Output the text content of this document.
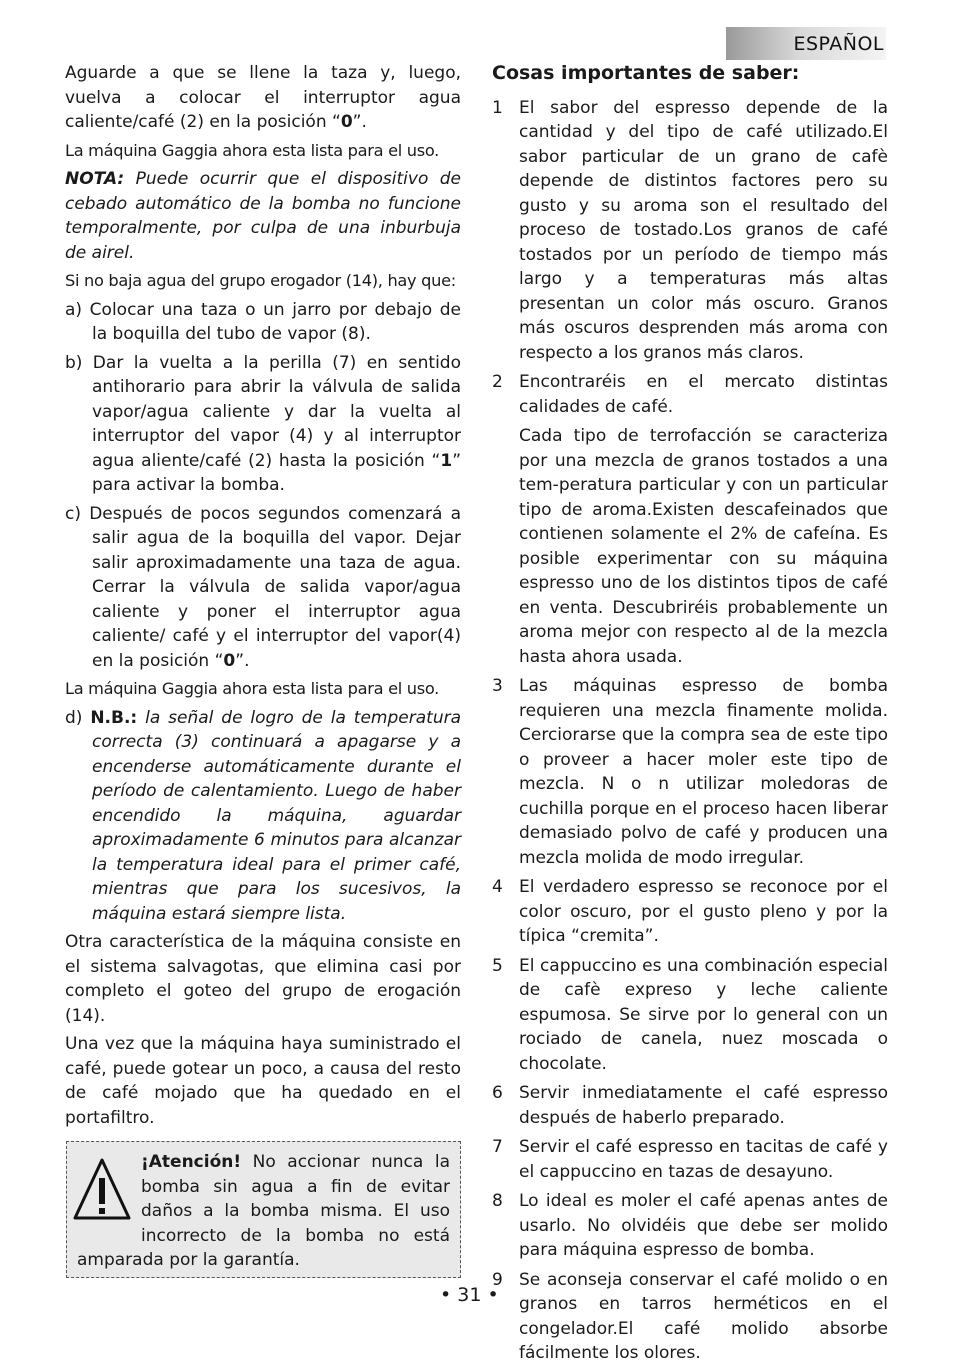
ESPAÑOL

Aguarde a que se llene la taza y, luego, vuelva a colocar el interruptor agua caliente/café (2) en la posición “0”.

La máquina Gaggia ahora esta lista para el uso.

NOTA: Puede ocurrir que el dispositivo de cebado automático de la bomba no funcione temporalmente, por culpa de una inburbuja de airel.

Si no baja agua del grupo erogador (14), hay que:

a) Colocar una taza o un jarro por debajo de la boquilla del tubo de vapor (8).

b) Dar la vuelta a la perilla (7) en sentido antihorario para abrir la válvula de salida vapor/agua caliente y dar la vuelta al interruptor del vapor (4) y al interruptor agua aliente/café (2) hasta la posición “1” para activar la bomba.

c) Después de pocos segundos comenzará a salir agua de la boquilla del vapor. Dejar salir aproximadamente una taza de agua. Cerrar la válvula de salida vapor/agua caliente y poner el interruptor agua caliente/ café y el interruptor del vapor(4) en la posición “0”.

La máquina Gaggia ahora esta lista para el uso.

d) N.B.: la señal de logro de la temperatura correcta (3) continuará a apagarse y a encenderse automáticamente durante el período de calentamiento. Luego de haber encendido la máquina, aguardar aproximadamente 6 minutos para alcanzar la temperatura ideal para el primer café, mientras que para los sucesivos, la máquina estará siempre lista.

Otra característica de la máquina consiste en el sistema salvagotas, que elimina casi por completo el goteo del grupo de erogación (14).

Una vez que la máquina haya suministrado el café, puede gotear un poco, a causa del resto de café mojado que ha quedado en el portafiltro.

¡Atención! No accionar nunca la bomba sin agua a fin de evitar daños a la bomba misma. El uso incorrecto de la bomba no está amparada por la garantía.
Cosas importantes de saber:
1 El sabor del espresso depende de la cantidad y del tipo de café utilizado.El sabor particular de un grano de cafè depende de distintos factores pero su gusto y su aroma son el resultado del proceso de tostado.Los granos de café tostados por un período de tiempo más largo y a temperaturas más altas presentan un color más oscuro. Granos más oscuros desprenden más aroma con respecto a los granos más claros.
2 Encontraréis en el mercato distintas calidades de café.
Cada tipo de terrofacción se caracteriza por una mezcla de granos tostados a una tem-peratura particular y con un particular tipo de aroma.Existen descafeinados que contienen solamente el 2% de cafeína. Es posible experimentar con su máquina espresso uno de los distintos tipos de café en venta. Descubriréis probablemente un aroma mejor con respecto al de la mezcla hasta ahora usada.
3 Las máquinas espresso de bomba requieren una mezcla finamente molida. Cerciorarse que la compra sea de este tipo o proveer a hacer moler este tipo de mezcla. N o n utilizar moledoras de cuchilla porque en el proceso hacen liberar demasiado polvo de café y producen una mezcla molida de modo irregular.
4 El verdadero espresso se reconoce por el color oscuro, por el gusto pleno y por la típica “cremita”.
5 El cappuccino es una combinación especial de cafè expreso y leche caliente espumosa. Se sirve por lo general con un rociado de canela, nuez moscada o chocolate.
6 Servir inmediatamente el café espresso después de haberlo preparado.
7 Servir el café espresso en tacitas de café y el cappuccino en tazas de desayuno.
8 Lo ideal es moler el café apenas antes de usarlo. No olvidéis que debe ser molido para máquina espresso de bomba.
9 Se aconseja conservar el café molido o en granos en tarros herméticos en el congelador.El café molido absorbe fácilmente los olores.
• 31 •
